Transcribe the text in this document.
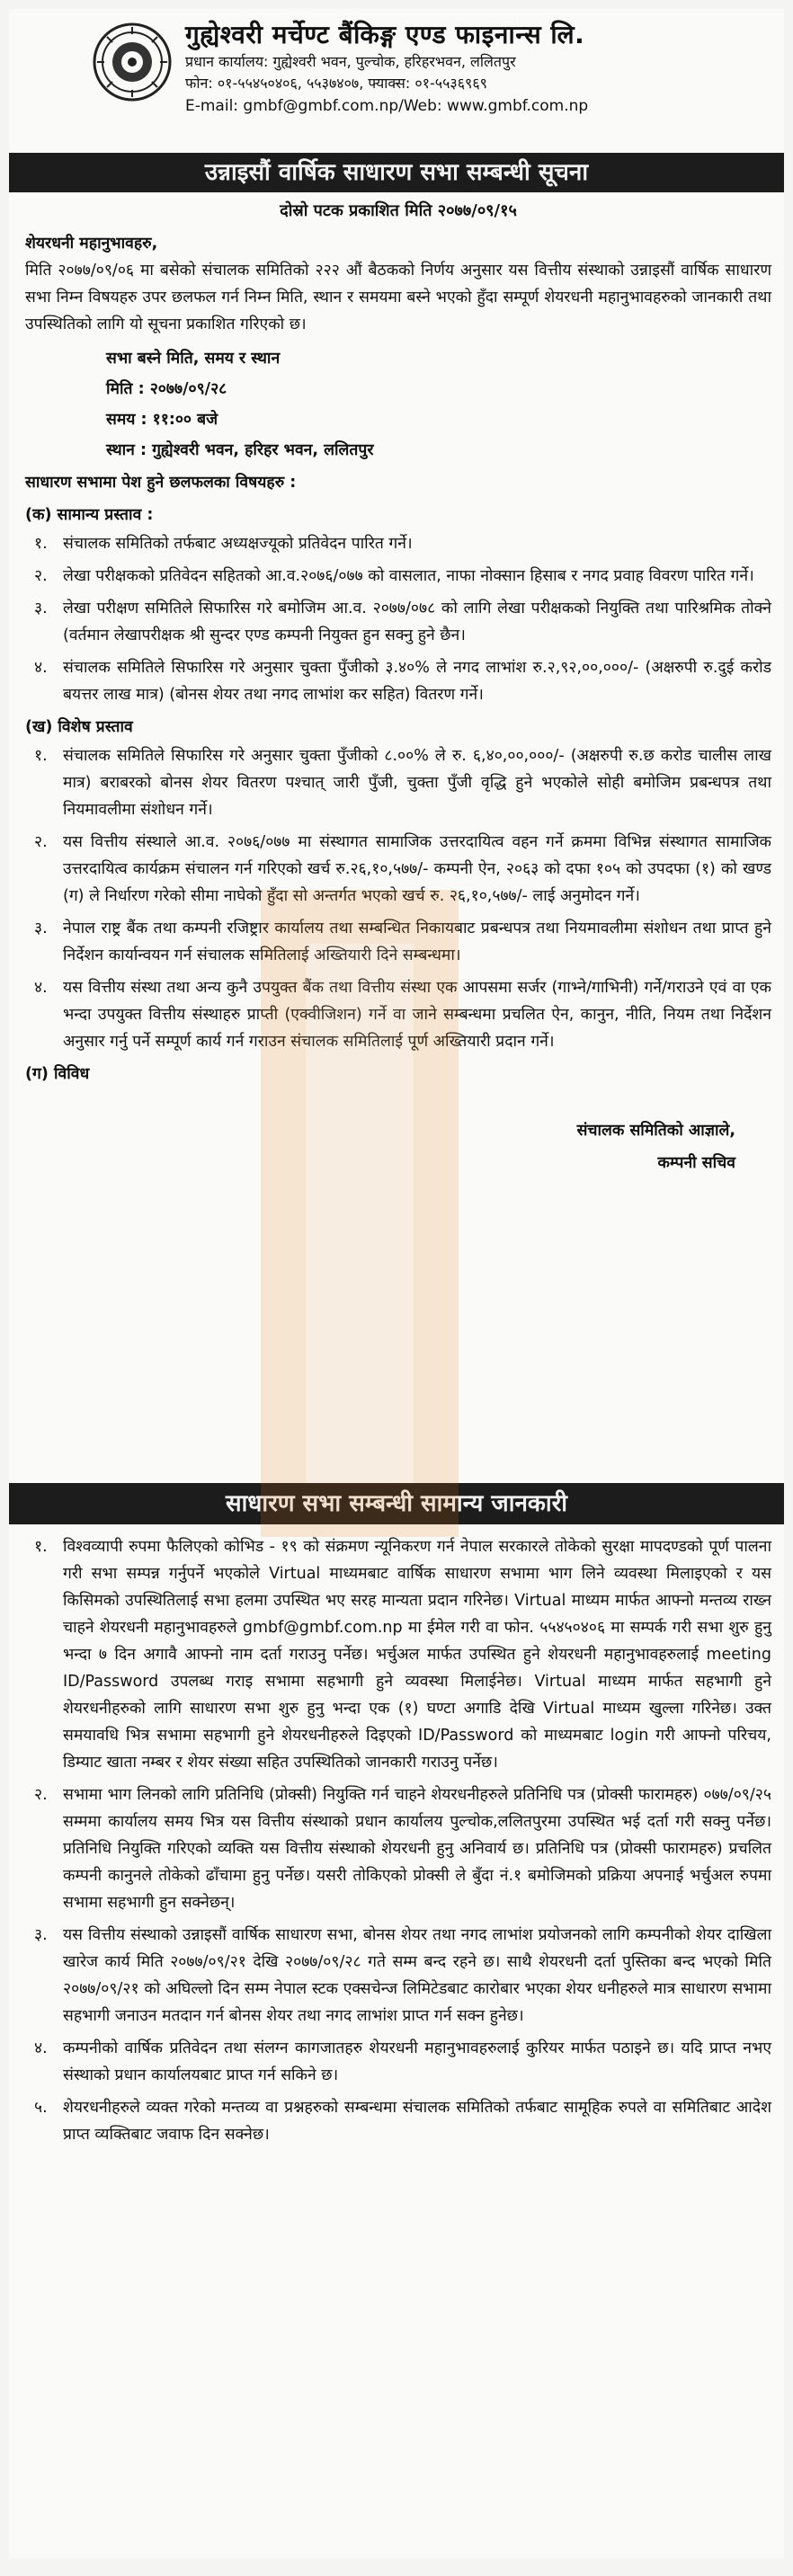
गुह्येश्वरी मर्चेण्ट बैंकिङ्ग एण्ड फाइनान्स लि.
प्रधान कार्यालय: गुह्येश्वरी भवन, पुल्चोक, हरिहरभवन, ललितपुर
फोन: ०१-५५४५०४०६, ५५३७४०७, फ्याक्स: ०१-५५३६९६९
E-mail: gmbf@gmbf.com.np/Web: www.gmbf.com.np
उन्नाइसौं वार्षिक साधारण सभा सम्बन्धी सूचना
दोस्रो पटक प्रकाशित मिति २०७७/०९/१५
शेयरधनी महानुभावहरु,

मिति २०७७/०९/०६ मा बसेको संचालक समितिको २२२ औं बैठकको निर्णय अनुसार यस वित्तीय संस्थाको उन्नाइसौं वार्षिक साधारण सभा निम्न विषयहरु उपर छलफल गर्न निम्न मिति, स्थान र समयमा बस्ने भएको हुँदा सम्पूर्ण शेयरधनी महानुभावहरुको जानकारी तथा उपस्थितिको लागि यो सूचना प्रकाशित गरिएको छ।

सभा बस्ने मिति, समय र स्थान
मिति : २०७७/०९/२८
समय : ११:०० बजे
स्थान : गुह्येश्वरी भवन, हरिहर भवन, ललितपुर
साधारण सभामा पेश हुने छलफलका विषयहरु :
(क) सामान्य प्रस्ताव :
१. संचालक समितिको तर्फबाट अध्यक्षज्यूको प्रतिवेदन पारित गर्ने।
२. लेखा परीक्षकको प्रतिवेदन सहितको आ.व.२०७६/०७७ को वासलात, नाफा नोक्सान हिसाब र नगद प्रवाह विवरण पारित गर्ने।
३. लेखा परीक्षण समितिले सिफारिस गरे बमोजिम आ.व. २०७७/०७८ को लागि लेखा परीक्षकको नियुक्ति तथा पारिश्रमिक तोक्ने (वर्तमान लेखापरीक्षक श्री सुन्दर एण्ड कम्पनी नियुक्त हुन सक्नु हुने छैन।
४. संचालक समितिले सिफारिस गरे अनुसार चुक्ता पुँजीको ३.४०% ले नगद लाभांश रु.२,९२,००,०००/- (अक्षरुपी रु.दुई करोड बयत्तर लाख मात्र) (बोनस शेयर तथा नगद लाभांश कर सहित) वितरण गर्ने।
(ख) विशेष प्रस्ताव
१. संचालक समितिले सिफारिस गरे अनुसार चुक्ता पुँजीको ८.००% ले रु. ६,४०,००,०००/- (अक्षरुपी रु.छ करोड चालीस लाख मात्र) बराबरको बोनस शेयर वितरण पश्चात् जारी पुँजी, चुक्ता पुँजी वृद्धि हुने भएकोले सोही बमोजिम प्रबन्धपत्र तथा नियमावलीमा संशोधन गर्ने।
२. यस वित्तीय संस्थाले आ.व. २०७६/०७७ मा संस्थागत सामाजिक उत्तरदायित्व वहन गर्ने क्रममा विभिन्न संस्थागत सामाजिक उत्तरदायित्व कार्यक्रम संचालन गर्न गरिएको खर्च रु.२६,१०,५७७/- कम्पनी ऐन, २०६३ को दफा १०५ को उपदफा (१) को खण्ड (ग) ले निर्धारण गरेको सीमा नाघेको हुँदा सो अन्तर्गत भएको खर्च रु. २६,१०,५७७/- लाई अनुमोदन गर्ने।
३. नेपाल राष्ट्र बैंक तथा कम्पनी रजिष्ट्रार कार्यालय तथा सम्बन्धित निकायबाट प्रबन्धपत्र तथा नियमावलीमा संशोधन तथा प्राप्त हुने निर्देशन कार्यान्वयन गर्न संचालक समितिलाई अख्तियारी दिने सम्बन्धमा।
४. यस वित्तीय संस्था तथा अन्य कुनै उपयुक्त बैंक तथा वित्तीय संस्था एक आपसमा सर्जर (गाभ्ने/गाभिनी) गर्ने/गराउने एवं वा एक भन्दा उपयुक्त वित्तीय संस्थाहरु प्राप्ती (एक्वीजिशन) गर्ने वा जाने सम्बन्धमा प्रचलित ऐन, कानुन, नीति, नियम तथा निर्देशन अनुसार गर्नु पर्ने सम्पूर्ण कार्य गर्न गराउन संचालक समितिलाई पूर्ण अख्तियारी प्रदान गर्ने।
(ग) विविध
संचालक समितिको आज्ञाले,
कम्पनी सचिव
साधारण सभा सम्बन्धी सामान्य जानकारी
१. विश्वव्यापी रुपमा फैलिएको कोभिड - १९ को संक्रमण न्यूनिकरण गर्न नेपाल सरकारले तोकेको सुरक्षा मापदण्डको पूर्ण पालना गरी सभा सम्पन्न गर्नुपर्ने भएकोले Virtual माध्यमबाट वार्षिक साधारण सभामा भाग लिने व्यवस्था मिलाइएको र यस किसिमको उपस्थितिलाई सभा हलमा उपस्थित भए सरह मान्यता प्रदान गरिनेछ। Virtual माध्यम मार्फत आफ्नो मन्तव्य राख्न चाहने शेयरधनी महानुभावहरुले gmbf@gmbf.com.np मा ईमेल गरी वा फोन. ५५४५०४०६ मा सम्पर्क गरी सभा शुरु हुनु भन्दा ७ दिन अगावै आफ्नो नाम दर्ता गराउनु पर्नेछ। भर्चुअल मार्फत उपस्थित हुने शेयरधनी महानुभावहरुलाई meeting ID/Password उपलब्ध गराइ सभामा सहभागी हुने व्यवस्था मिलाईनेछ। Virtual माध्यम मार्फत सहभागी हुने शेयरधनीहरुको लागि साधारण सभा शुरु हुनु भन्दा एक (१) घण्टा अगाडि देखि Virtual माध्यम खुल्ला गरिनेछ। उक्त समयावधि भित्र सभामा सहभागी हुने शेयरधनीहरुले दिइएको ID/Password को माध्यमबाट login गरी आफ्नो परिचय, डिम्याट खाता नम्बर र शेयर संख्या सहित उपस्थितिको जानकारी गराउनु पर्नेछ।
२. सभामा भाग लिनको लागि प्रतिनिधि (प्रोक्सी) नियुक्ति गर्न चाहने शेयरधनीहरुले प्रतिनिधि पत्र (प्रोक्सी फारामहरु) ०७७/०९/२५ सम्ममा कार्यालय समय भित्र यस वित्तीय संस्थाको प्रधान कार्यालय पुल्चोक,ललितपुरमा उपस्थित भई दर्ता गरी सक्नु पर्नेछ। प्रतिनिधि नियुक्ति गरिएको व्यक्ति यस वित्तीय संस्थाको शेयरधनी हुनु अनिवार्य छ। प्रतिनिधि पत्र (प्रोक्सी फारामहरु) प्रचलित कम्पनी कानुनले तोकेको ढाँचामा हुनु पर्नेछ। यसरी तोकिएको प्रोक्सी ले बुँदा नं.१ बमोजिमको प्रक्रिया अपनाई भर्चुअल रुपमा सभामा सहभागी हुन सक्नेछन्।
३. यस वित्तीय संस्थाको उन्नाइसौं वार्षिक साधारण सभा, बोनस शेयर तथा नगद लाभांश प्रयोजनको लागि कम्पनीको शेयर दाखिला खारेज कार्य मिति २०७७/०९/२१ देखि २०७७/०९/२८ गते सम्म बन्द रहने छ। साथै शेयरधनी दर्ता पुस्तिका बन्द भएको मिति २०७७/०९/२१ को अघिल्लो दिन सम्म नेपाल स्टक एक्सचेन्ज लिमिटेडबाट कारोबार भएका शेयर धनीहरुले मात्र साधारण सभामा सहभागी जनाउन मतदान गर्न बोनस शेयर तथा नगद लाभांश प्राप्त गर्न सक्न हुनेछ।
४. कम्पनीको वार्षिक प्रतिवेदन तथा संलग्न कागजातहरु शेयरधनी महानुभावहरुलाई कुरियर मार्फत पठाइने छ। यदि प्राप्त नभए संस्थाको प्रधान कार्यालयबाट प्राप्त गर्न सकिने छ।
५. शेयरधनीहरुले व्यक्त गरेको मन्तव्य वा प्रश्नहरुको सम्बन्धमा संचालक समितिको तर्फबाट सामूहिक रुपले वा समितिबाट आदेश प्राप्त व्यक्तिबाट जवाफ दिन सक्नेछ।
